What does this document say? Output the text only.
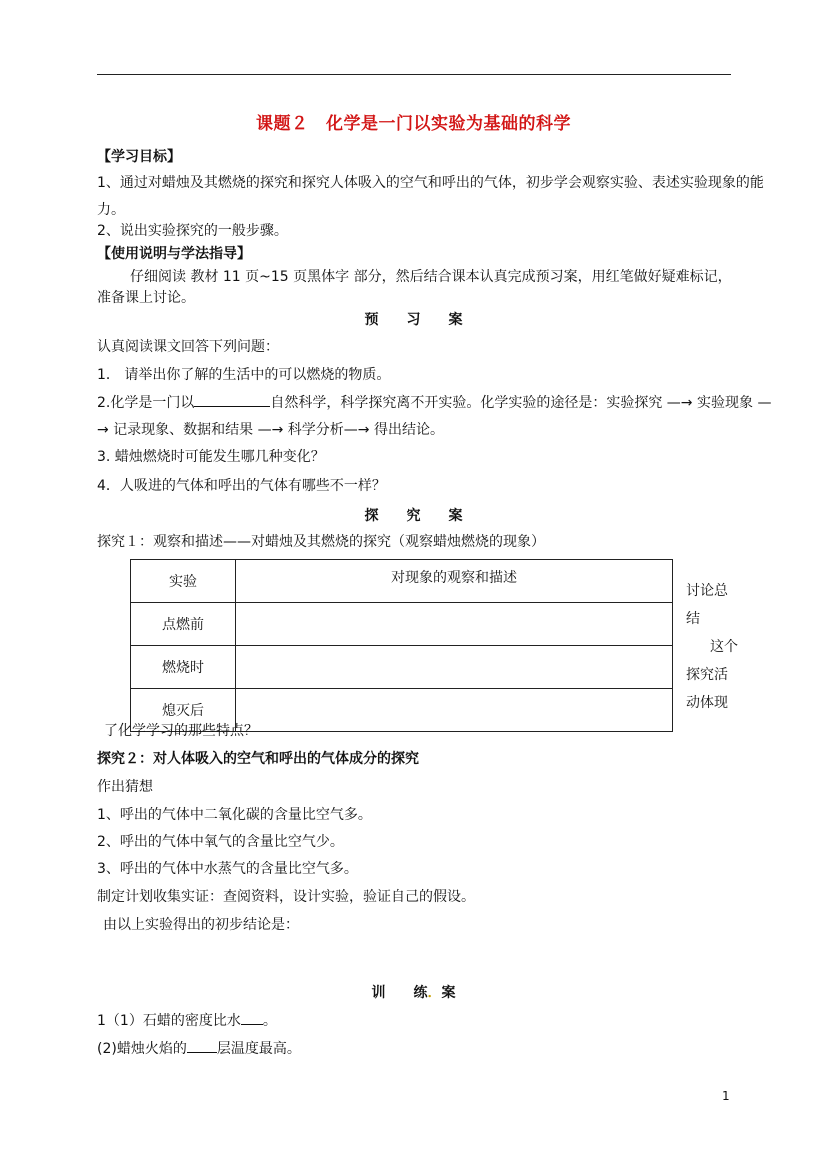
课题２　化学是一门以实验为基础的科学
【学习目标】
1、通过对蜡烛及其燃烧的探究和探究人体吸入的空气和呼出的气体，初步学会观察实验、表述实验现象的能
力。
2、说出实验探究的一般步骤。
【使用说明与学法指导】
仔细阅读 教材 11 页~15 页黑体字 部分，然后结合课本认真完成预习案，用红笔做好疑难标记，
准备课上讨论。
预　　习　　案
认真阅读课文回答下列问题：
1． 请举出你了解的生活中的可以燃烧的物质。
2.化学是一门以	自然科学，科学探究离不开实验。化学实验的途径是：实验探究 —→ 实验现象 —
→ 记录现象、数据和结果 —→ 科学分析—→ 得出结论。
3. 蜡烛燃烧时可能发生哪几种变化？
4．人吸进的气体和呼出的气体有哪些不一样？
探　　究　　案
探究１：观察和描述——对蜡烛及其燃烧的探究（观察蜡烛燃烧的现象）
实验	对现象的观察和描述
点燃前	
燃烧时	
熄灭后	
讨论总
结
这个
探究活
动体现
了化学学习的那些特点？
探究２：对人体吸入的空气和呼出的气体成分的探究
作出猜想
1、呼出的气体中二氧化碳的含量比空气多。
2、呼出的气体中氧气的含量比空气少。
3、呼出的气体中水蒸气的含量比空气多。
制定计划收集实证：查阅资料，设计实验，验证自己的假设。
由以上实验得出的初步结论是：
训　　练．案
1（1）石蜡的密度比水 。
(2)蜡烛火焰的 层温度最高。
1
